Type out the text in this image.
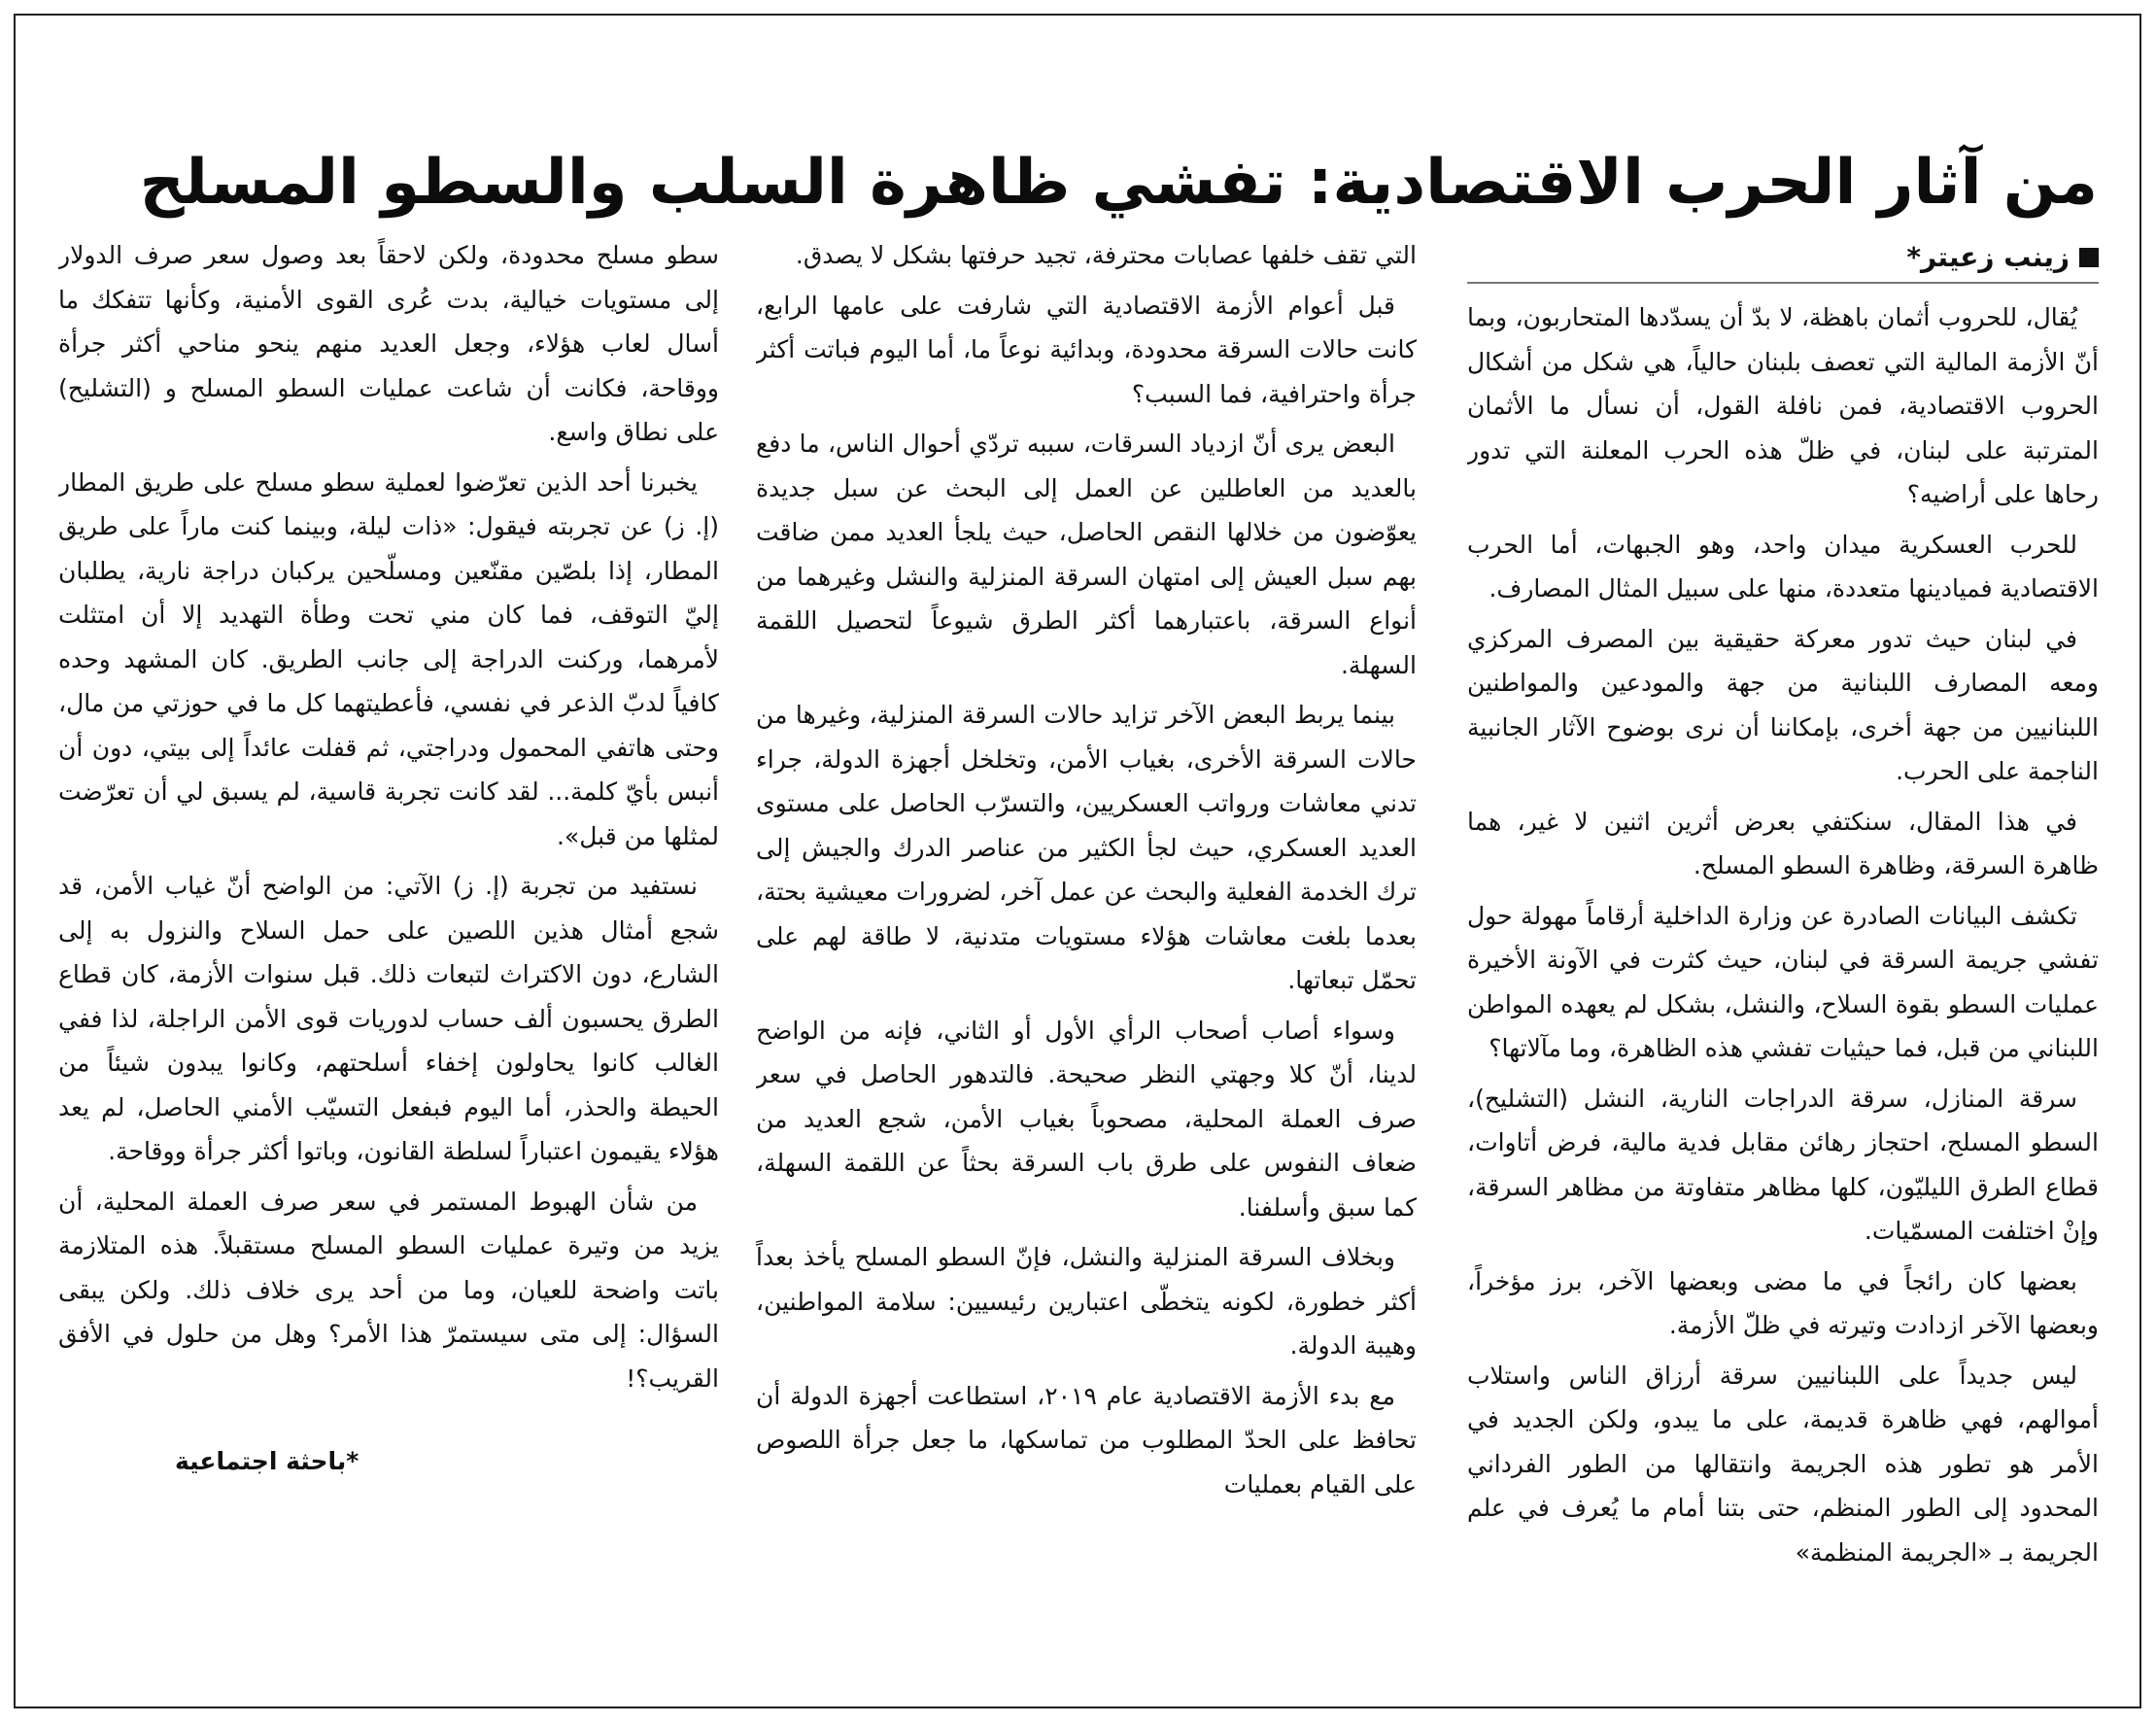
من آثار الحرب الاقتصادية: تفشي ظاهرة السلب والسطو المسلح
زينب زعيتر*

يُقال، للحروب أثمان باهظة، لا بدّ أن يسدّدها المتحاربون، وبما أنّ الأزمة المالية التي تعصف بلبنان حالياً، هي شكل من أشكال الحروب الاقتصادية، فمن نافلة القول، أن نسأل ما الأثمان المترتبة على لبنان، في ظلّ هذه الحرب المعلنة التي تدور رحاها على أراضيه؟

للحرب العسكرية ميدان واحد، وهو الجبهات، أما الحرب الاقتصادية فميادينها متعددة، منها على سبيل المثال المصارف.

في لبنان حيث تدور معركة حقيقية بين المصرف المركزي ومعه المصارف اللبنانية من جهة والمودعين والمواطنين اللبنانيين من جهة أخرى، بإمكاننا أن نرى بوضوح الآثار الجانبية الناجمة على الحرب.

في هذا المقال، سنكتفي بعرض أثرين اثنين لا غير، هما ظاهرة السرقة، وظاهرة السطو المسلح.

تكشف البيانات الصادرة عن وزارة الداخلية أرقاماً مهولة حول تفشي جريمة السرقة في لبنان، حيث كثرت في الآونة الأخيرة عمليات السطو بقوة السلاح، والنشل، بشكل لم يعهده المواطن اللبناني من قبل، فما حيثيات تفشي هذه الظاهرة، وما مآلاتها؟

سرقة المنازل، سرقة الدراجات النارية، النشل (التشليح)، السطو المسلح، احتجاز رهائن مقابل فدية مالية، فرض أتاوات، قطاع الطرق الليليّون، كلها مظاهر متفاوتة من مظاهر السرقة، وإنْ اختلفت المسمّيات.

بعضها كان رائجاً في ما مضى وبعضها الآخر، برز مؤخراً، وبعضها الآخر ازدادت وتيرته في ظلّ الأزمة.

ليس جديداً على اللبنانيين سرقة أرزاق الناس واستلاب أموالهم، فهي ظاهرة قديمة، على ما يبدو، ولكن الجديد في الأمر هو تطور هذه الجريمة وانتقالها من الطور الفرداني المحدود إلى الطور المنظم، حتى بتنا أمام ما يُعرف في علم الجريمة بـ «الجريمة المنظمة»

التي تقف خلفها عصابات محترفة، تجيد حرفتها بشكل لا يصدق.

قبل أعوام الأزمة الاقتصادية التي شارفت على عامها الرابع، كانت حالات السرقة محدودة، وبدائية نوعاً ما، أما اليوم فباتت أكثر جرأة واحترافية، فما السبب؟

البعض يرى أنّ ازدياد السرقات، سببه تردّي أحوال الناس، ما دفع بالعديد من العاطلين عن العمل إلى البحث عن سبل جديدة يعوّضون من خلالها النقص الحاصل، حيث يلجأ العديد ممن ضاقت بهم سبل العيش إلى امتهان السرقة المنزلية والنشل وغيرهما من أنواع السرقة، باعتبارهما أكثر الطرق شيوعاً لتحصيل اللقمة السهلة.

بينما يربط البعض الآخر تزايد حالات السرقة المنزلية، وغيرها من حالات السرقة الأخرى، بغياب الأمن، وتخلخل أجهزة الدولة، جراء تدني معاشات ورواتب العسكريين، والتسرّب الحاصل على مستوى العديد العسكري، حيث لجأ الكثير من عناصر الدرك والجيش إلى ترك الخدمة الفعلية والبحث عن عمل آخر، لضرورات معيشية بحتة، بعدما بلغت معاشات هؤلاء مستويات متدنية، لا طاقة لهم على تحمّل تبعاتها.

وسواء أصاب أصحاب الرأي الأول أو الثاني، فإنه من الواضح لدينا، أنّ كلا وجهتي النظر صحيحة. فالتدهور الحاصل في سعر صرف العملة المحلية، مصحوباً بغياب الأمن، شجع العديد من ضعاف النفوس على طرق باب السرقة بحثاً عن اللقمة السهلة، كما سبق وأسلفنا.

وبخلاف السرقة المنزلية والنشل، فإنّ السطو المسلح يأخذ بعداً أكثر خطورة، لكونه يتخطّى اعتبارين رئيسيين: سلامة المواطنين، وهيبة الدولة.

مع بدء الأزمة الاقتصادية عام ٢٠١٩، استطاعت أجهزة الدولة أن تحافظ على الحدّ المطلوب من تماسكها، ما جعل جرأة اللصوص على القيام بعمليات

سطو مسلح محدودة، ولكن لاحقاً بعد وصول سعر صرف الدولار إلى مستويات خيالية، بدت عُرى القوى الأمنية، وكأنها تتفكك ما أسال لعاب هؤلاء، وجعل العديد منهم ينحو مناحي أكثر جرأة ووقاحة، فكانت أن شاعت عمليات السطو المسلح و (التشليح) على نطاق واسع.

يخبرنا أحد الذين تعرّضوا لعملية سطو مسلح على طريق المطار (إ. ز) عن تجربته فيقول: «ذات ليلة، وبينما كنت ماراً على طريق المطار، إذا بلصّين مقنّعين ومسلّحين يركبان دراجة نارية، يطلبان إليّ التوقف، فما كان مني تحت وطأة التهديد إلا أن امتثلت لأمرهما، وركنت الدراجة إلى جانب الطريق. كان المشهد وحده كافياً لدبّ الذعر في نفسي، فأعطيتهما كل ما في حوزتي من مال، وحتى هاتفي المحمول ودراجتي، ثم قفلت عائداً إلى بيتي، دون أن أنبس بأيّ كلمة... لقد كانت تجربة قاسية، لم يسبق لي أن تعرّضت لمثلها من قبل».

نستفيد من تجربة (إ. ز) الآتي: من الواضح أنّ غياب الأمن، قد شجع أمثال هذين اللصين على حمل السلاح والنزول به إلى الشارع، دون الاكتراث لتبعات ذلك. قبل سنوات الأزمة، كان قطاع الطرق يحسبون ألف حساب لدوريات قوى الأمن الراجلة، لذا ففي الغالب كانوا يحاولون إخفاء أسلحتهم، وكانوا يبدون شيئاً من الحيطة والحذر، أما اليوم فبفعل التسيّب الأمني الحاصل، لم يعد هؤلاء يقيمون اعتباراً لسلطة القانون، وباتوا أكثر جرأة ووقاحة.

من شأن الهبوط المستمر في سعر صرف العملة المحلية، أن يزيد من وتيرة عمليات السطو المسلح مستقبلاً. هذه المتلازمة باتت واضحة للعيان، وما من أحد يرى خلاف ذلك. ولكن يبقى السؤال: إلى متى سيستمرّ هذا الأمر؟ وهل من حلول في الأفق القريب؟!

*باحثة اجتماعية
